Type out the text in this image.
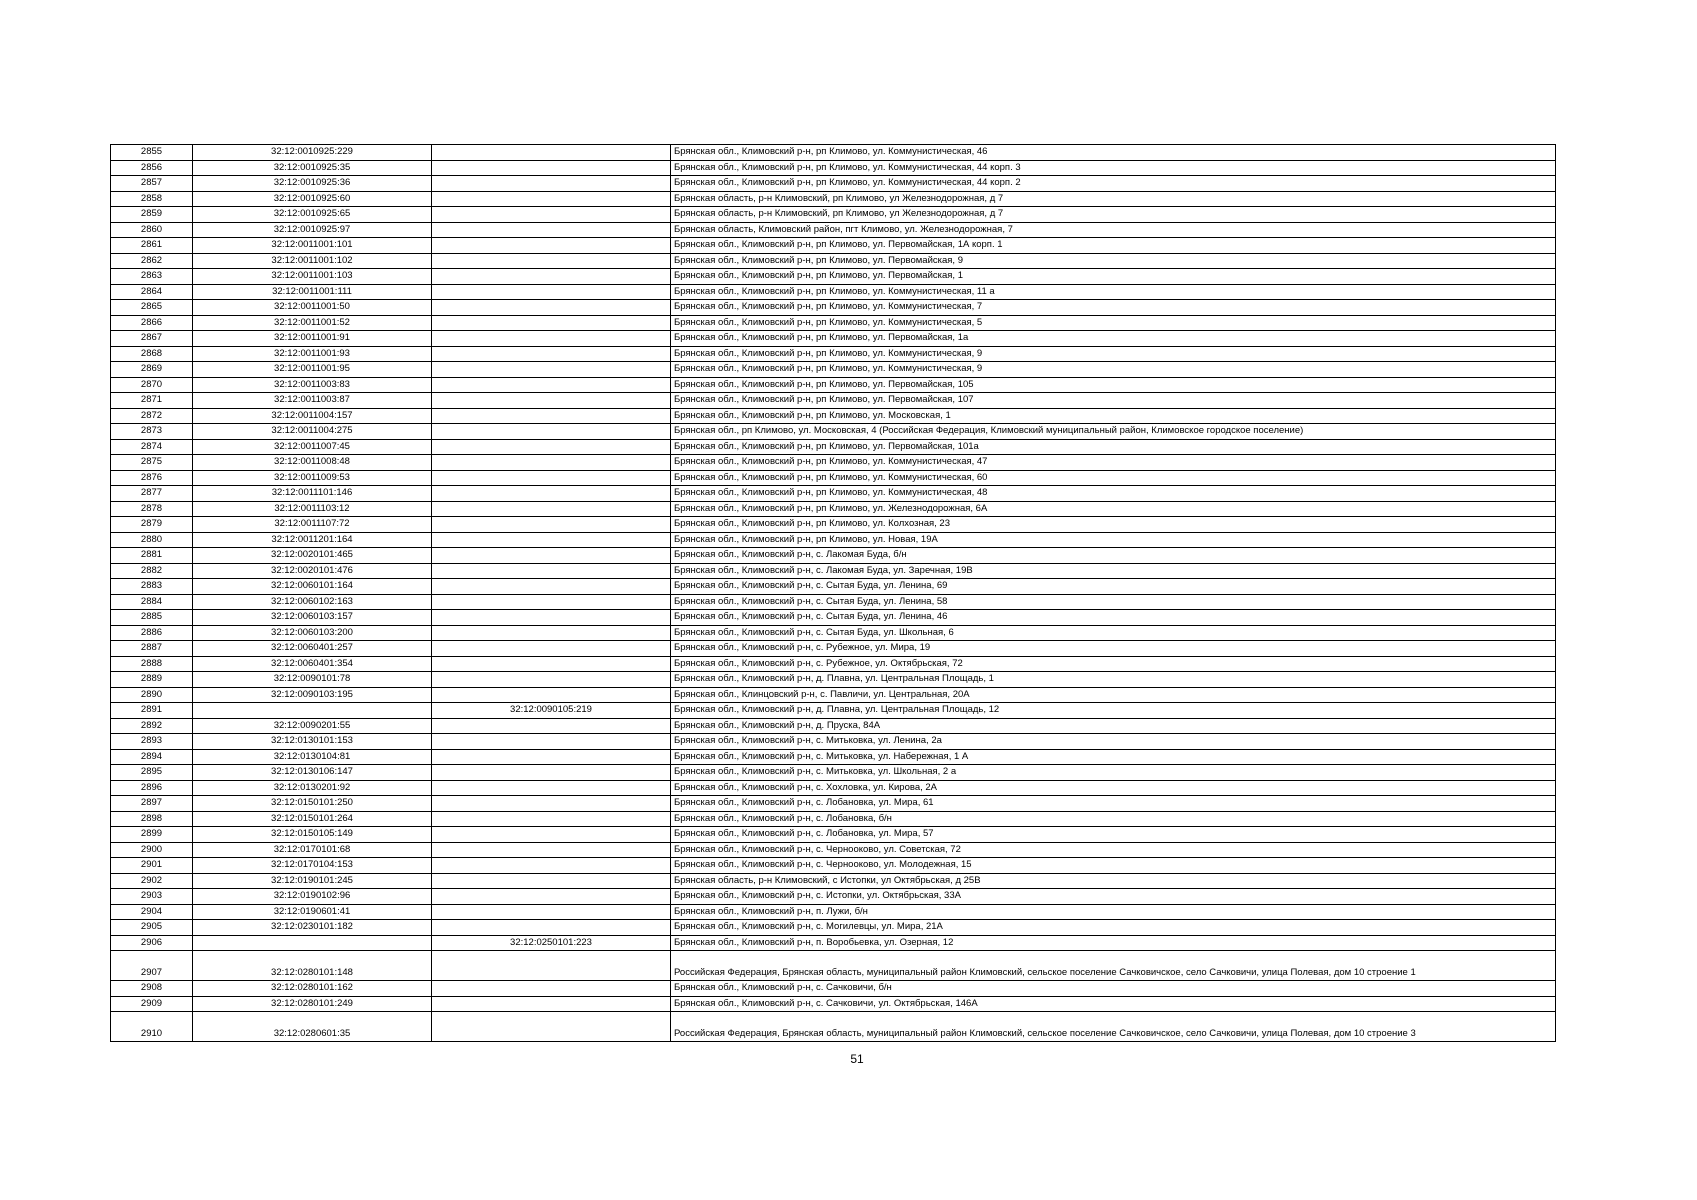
2855	32:12:0010925:229		Брянская обл., Климовский р-н, рп Климово, ул. Коммунистическая, 46
2856	32:12:0010925:35		Брянская обл., Климовский р-н, рп Климово, ул. Коммунистическая, 44 корп. 3
2857	32:12:0010925:36		Брянская обл., Климовский р-н, рп Климово, ул. Коммунистическая, 44 корп. 2
2858	32:12:0010925:60		Брянская область, р-н Климовский, рп Климово, ул Железнодорожная, д 7
2859	32:12:0010925:65		Брянская область, р-н Климовский, рп Климово, ул Железнодорожная, д 7
2860	32:12:0010925:97		Брянская область, Климовский район, пгт Климово, ул. Железнодорожная, 7
2861	32:12:0011001:101		Брянская обл., Климовский р-н, рп Климово, ул. Первомайская, 1А корп. 1
2862	32:12:0011001:102		Брянская обл., Климовский р-н, рп Климово, ул. Первомайская, 9
2863	32:12:0011001:103		Брянская обл., Климовский р-н, рп Климово, ул. Первомайская, 1
2864	32:12:0011001:111		Брянская обл., Климовский р-н, рп Климово, ул. Коммунистическая, 11 а
2865	32:12:0011001:50		Брянская обл., Климовский р-н, рп Климово, ул. Коммунистическая, 7
2866	32:12:0011001:52		Брянская обл., Климовский р-н, рп Климово, ул. Коммунистическая, 5
2867	32:12:0011001:91		Брянская обл., Климовский р-н, рп Климово, ул. Первомайская, 1а
2868	32:12:0011001:93		Брянская обл., Климовский р-н, рп Климово, ул. Коммунистическая, 9
2869	32:12:0011001:95		Брянская обл., Климовский р-н, рп Климово, ул. Коммунистическая, 9
2870	32:12:0011003:83		Брянская обл., Климовский р-н, рп Климово, ул. Первомайская, 105
2871	32:12:0011003:87		Брянская обл., Климовский р-н, рп Климово, ул. Первомайская, 107
2872	32:12:0011004:157		Брянская обл., Климовский р-н, рп Климово, ул. Московская, 1
2873	32:12:0011004:275		Брянская обл., рп Климово, ул. Московская, 4 (Российская Федерация, Климовский муниципальный район, Климовское городское поселение)
2874	32:12:0011007:45		Брянская обл., Климовский р-н, рп Климово, ул. Первомайская, 101а
2875	32:12:0011008:48		Брянская обл., Климовский р-н, рп Климово, ул. Коммунистическая, 47
2876	32:12:0011009:53		Брянская обл., Климовский р-н, рп Климово, ул. Коммунистическая, 60
2877	32:12:0011101:146		Брянская обл., Климовский р-н, рп Климово, ул. Коммунистическая, 48
2878	32:12:0011103:12		Брянская обл., Климовский р-н, рп Климово, ул. Железнодорожная, 6А
2879	32:12:0011107:72		Брянская обл., Климовский р-н, рп Климово, ул. Колхозная, 23
2880	32:12:0011201:164		Брянская обл., Климовский р-н, рп Климово, ул. Новая, 19А
2881	32:12:0020101:465		Брянская обл., Климовский р-н, с. Лакомая Буда, б/н
2882	32:12:0020101:476		Брянская обл., Климовский р-н, с. Лакомая Буда, ул. Заречная, 19В
2883	32:12:0060101:164		Брянская обл., Климовский р-н, с. Сытая Буда, ул. Ленина, 69
2884	32:12:0060102:163		Брянская обл., Климовский р-н, с. Сытая Буда, ул. Ленина, 58
2885	32:12:0060103:157		Брянская обл., Климовский р-н, с. Сытая Буда, ул. Ленина, 46
2886	32:12:0060103:200		Брянская обл., Климовский р-н, с. Сытая Буда, ул. Школьная, 6
2887	32:12:0060401:257		Брянская обл., Климовский р-н, с. Рубежное, ул. Мира, 19
2888	32:12:0060401:354		Брянская обл., Климовский р-н, с. Рубежное, ул. Октябрьская, 72
2889	32:12:0090101:78		Брянская обл., Климовский р-н, д. Плавна, ул. Центральная Площадь, 1
2890	32:12:0090103:195		Брянская обл., Клинцовский р-н, с. Павличи, ул. Центральная, 20А
2891		32:12:0090105:219	Брянская обл., Климовский р-н, д. Плавна, ул. Центральная Площадь, 12
2892	32:12:0090201:55		Брянская обл., Климовский р-н, д. Пруска, 84А
2893	32:12:0130101:153		Брянская обл., Климовский р-н, с. Митьковка, ул. Ленина, 2а
2894	32:12:0130104:81		Брянская обл., Климовский р-н, с. Митьковка, ул. Набережная, 1 А
2895	32:12:0130106:147		Брянская обл., Климовский р-н, с. Митьковка, ул. Школьная, 2 а
2896	32:12:0130201:92		Брянская обл., Климовский р-н, с. Хохловка, ул. Кирова, 2А
2897	32:12:0150101:250		Брянская обл., Климовский р-н, с. Лобановка, ул. Мира, 61
2898	32:12:0150101:264		Брянская обл., Климовский р-н, с. Лобановка, б/н
2899	32:12:0150105:149		Брянская обл., Климовский р-н, с. Лобановка, ул. Мира, 57
2900	32:12:0170101:68		Брянская обл., Климовский р-н, с. Чернооково, ул. Советская, 72
2901	32:12:0170104:153		Брянская обл., Климовский р-н, с. Чернооково, ул. Молодежная, 15
2902	32:12:0190101:245		Брянская область, р-н Климовский, с Истопки, ул Октябрьская, д 25В
2903	32:12:0190102:96		Брянская обл., Климовский р-н, с. Истопки, ул. Октябрьская, 33А
2904	32:12:0190601:41		Брянская обл., Климовский р-н, п. Лужи, б/н
2905	32:12:0230101:182		Брянская обл., Климовский р-н, с. Могилевцы, ул. Мира, 21А
2906		32:12:0250101:223	Брянская обл., Климовский р-н, п. Воробьевка, ул. Озерная, 12
2907	32:12:0280101:148		Российская Федерация, Брянская область, муниципальный район Климовский, сельское поселение Сачковичское, село Сачковичи, улица Полевая, дом 10 строение 1
2908	32:12:0280101:162		Брянская обл., Климовский р-н, с. Сачковичи, б/н
2909	32:12:0280101:249		Брянская обл., Климовский р-н, с. Сачковичи, ул. Октябрьская, 146А
2910	32:12:0280601:35		Российская Федерация, Брянская область, муниципальный район Климовский, сельское поселение Сачковичское, село Сачковичи, улица Полевая, дом 10 строение 3
51
